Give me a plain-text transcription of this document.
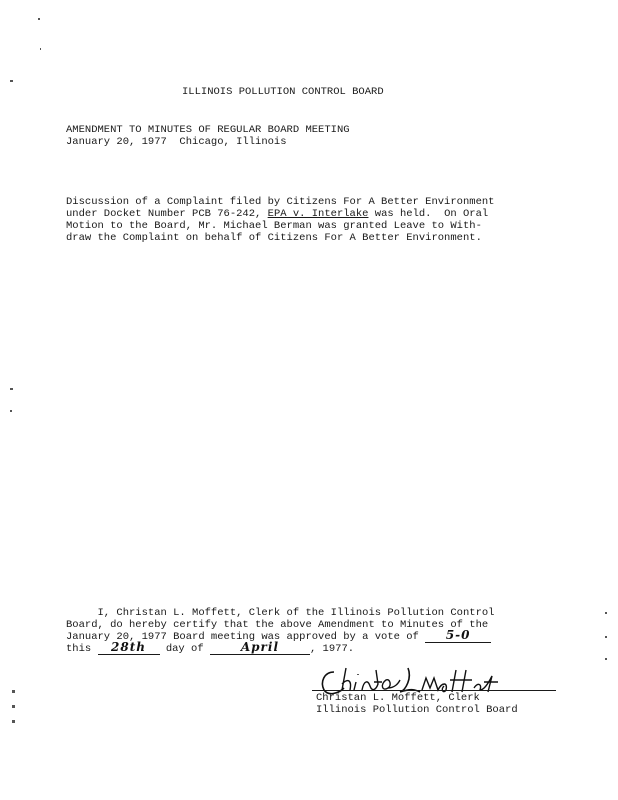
ILLINOIS POLLUTION CONTROL BOARD
AMENDMENT TO MINUTES OF REGULAR BOARD MEETING
January 20, 1977  Chicago, Illinois
Discussion of a Complaint filed by Citizens For A Better Environment
under Docket Number PCB 76-242, EPA v. Interlake was held.  On Oral
Motion to the Board, Mr. Michael Berman was granted Leave to With-
draw the Complaint on behalf of Citizens For A Better Environment.
I, Christan L. Moffett, Clerk of the Illinois Pollution Control
Board, do hereby certify that the above Amendment to Minutes of the
January 20, 1977 Board meeting was approved by a vote of	5-0
this	28th	day of	April	, 1977.
Christan L. Moffett, Clerk
Illinois Pollution Control Board
